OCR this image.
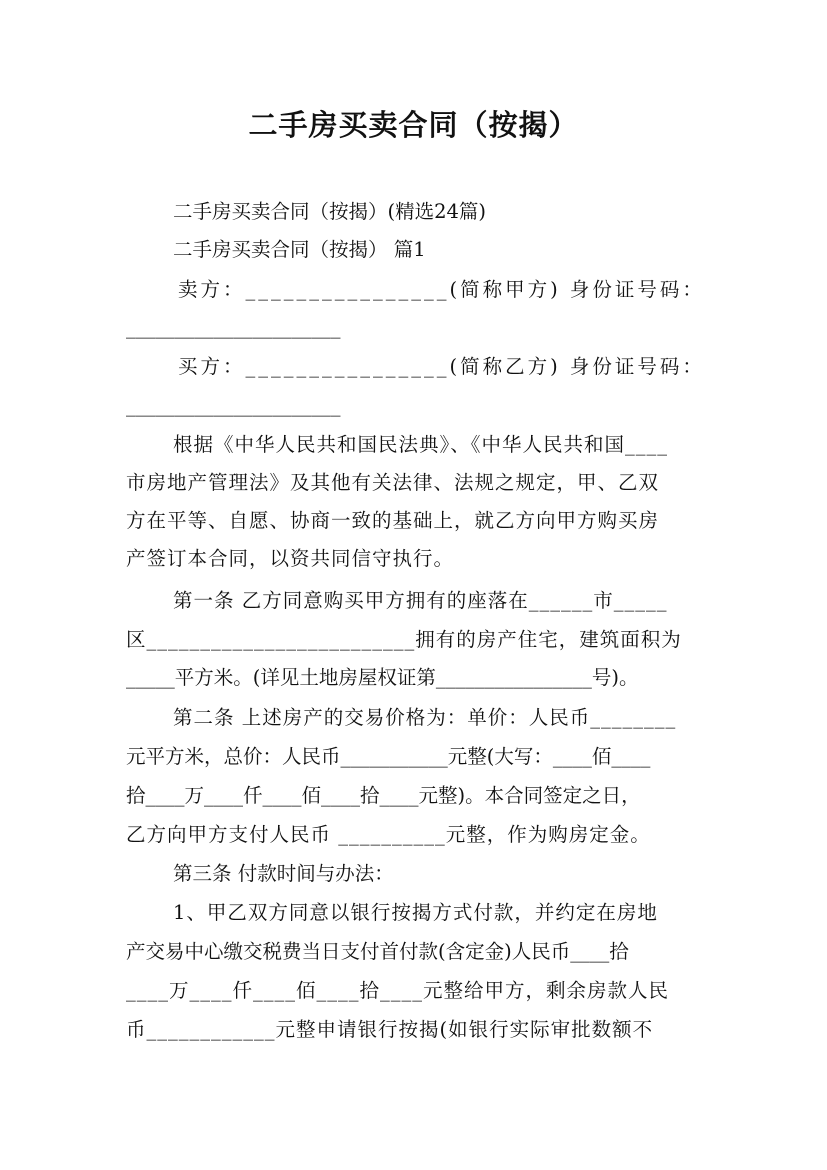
二手房买卖合同（按揭）
二手房买卖合同（按揭）(精选24篇)
二手房买卖合同（按揭） 篇1
卖方：________________(简称甲方) 身份证号码：
______________________
买方：________________(简称乙方) 身份证号码：
______________________
根据《中华人民共和国民法典》、《中华人民共和国____
市房地产管理法》及其他有关法律、法规之规定，甲、乙双
方在平等、自愿、协商一致的基础上，就乙方向甲方购买房
产签订本合同，以资共同信守执行。
第一条 乙方同意购买甲方拥有的座落在______市_____
区_________________________拥有的房产住宅，建筑面积为
_____平方米。(详见土地房屋权证第________________号)。
第二条 上述房产的交易价格为：单价：人民币________
元平方米，总价：人民币___________元整(大写：____佰____
拾____万____仟____佰____拾____元整)。本合同签定之日，
乙方向甲方支付人民币 __________元整，作为购房定金。
第三条 付款时间与办法：
1、甲乙双方同意以银行按揭方式付款，并约定在房地
产交易中心缴交税费当日支付首付款(含定金)人民币____拾
____万____仟____佰____拾____元整给甲方，剩余房款人民
币____________元整申请银行按揭(如银行实际审批数额不
